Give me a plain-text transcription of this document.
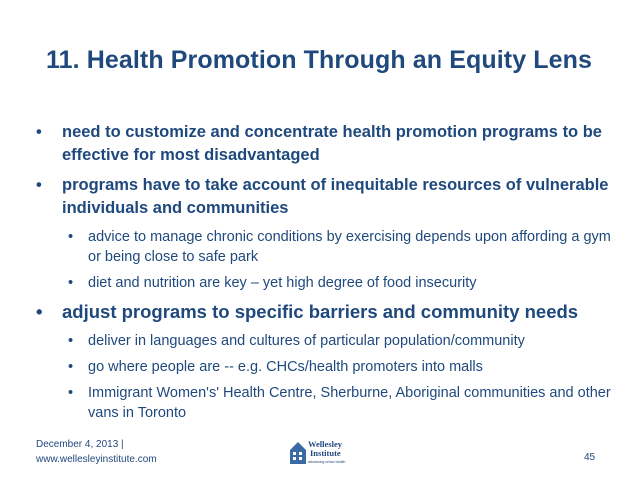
11. Health Promotion Through an Equity Lens
• need to customize and concentrate health promotion programs to be effective for most disadvantaged
• programs have to take account of inequitable resources of vulnerable individuals and communities
• advice to manage chronic conditions by exercising depends upon affording a gym or being close to safe park
• diet and nutrition are key – yet high degree of food insecurity
• adjust programs to specific barriers and community needs
• deliver in languages and cultures of particular population/community
• go where people are -- e.g. CHCs/health promoters into malls
• Immigrant Women's' Health Centre, Sherburne, Aboriginal communities and other vans in Toronto
December 4, 2013 |
www.wellesleyinstitute.com
Wellesley
Institute
advancing urban health	45
